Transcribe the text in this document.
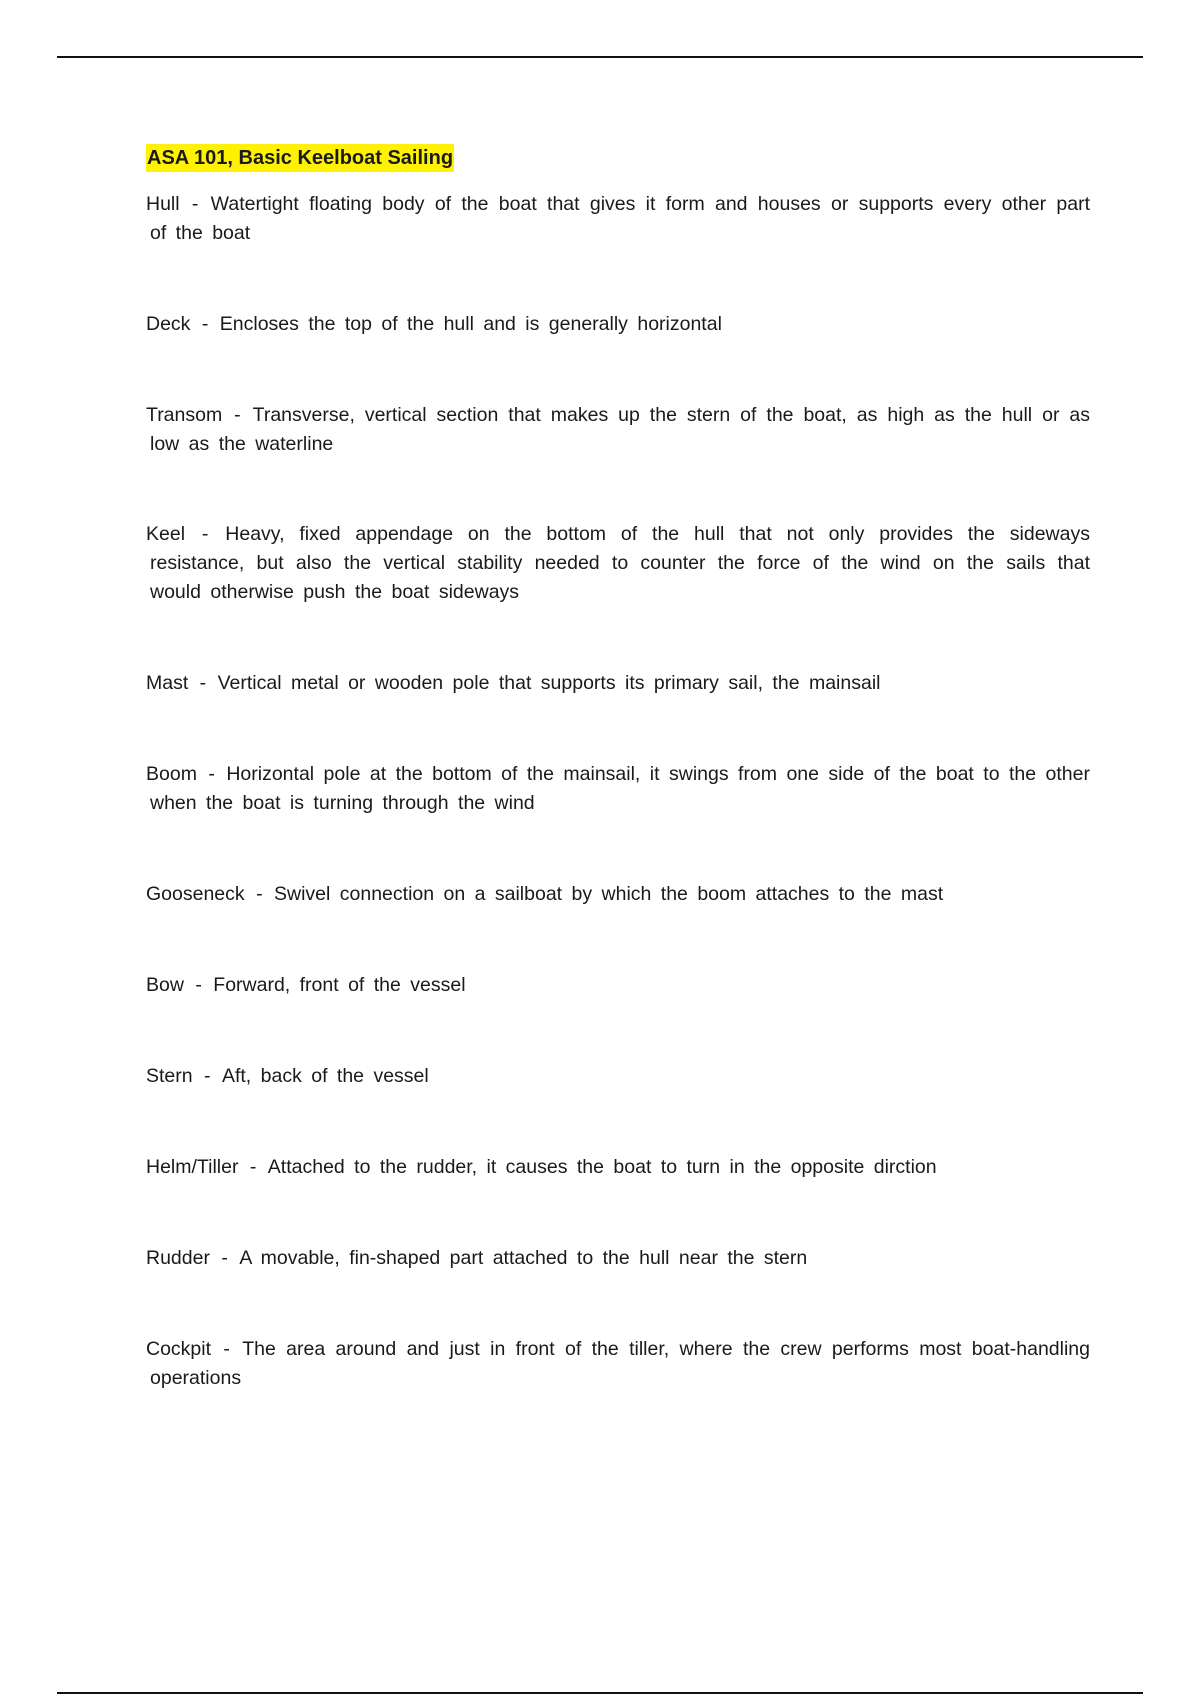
ASA 101, Basic Keelboat Sailing

Hull - Watertight floating body of the boat that gives it form and houses or supports every other part of the boat

Deck - Encloses the top of the hull and is generally horizontal

Transom - Transverse, vertical section that makes up the stern of the boat, as high as the hull or as low as the waterline

Keel - Heavy, fixed appendage on the bottom of the hull that not only provides the sideways resistance, but also the vertical stability needed to counter the force of the wind on the sails that would otherwise push the boat sideways

Mast - Vertical metal or wooden pole that supports its primary sail, the mainsail

Boom - Horizontal pole at the bottom of the mainsail, it swings from one side of the boat to the other when the boat is turning through the wind

Gooseneck - Swivel connection on a sailboat by which the boom attaches to the mast

Bow - Forward, front of the vessel

Stern - Aft, back of the vessel

Helm/Tiller - Attached to the rudder, it causes the boat to turn in the opposite dirction

Rudder - A movable, fin-shaped part attached to the hull near the stern

Cockpit - The area around and just in front of the tiller, where the crew performs most boat-handling operations
